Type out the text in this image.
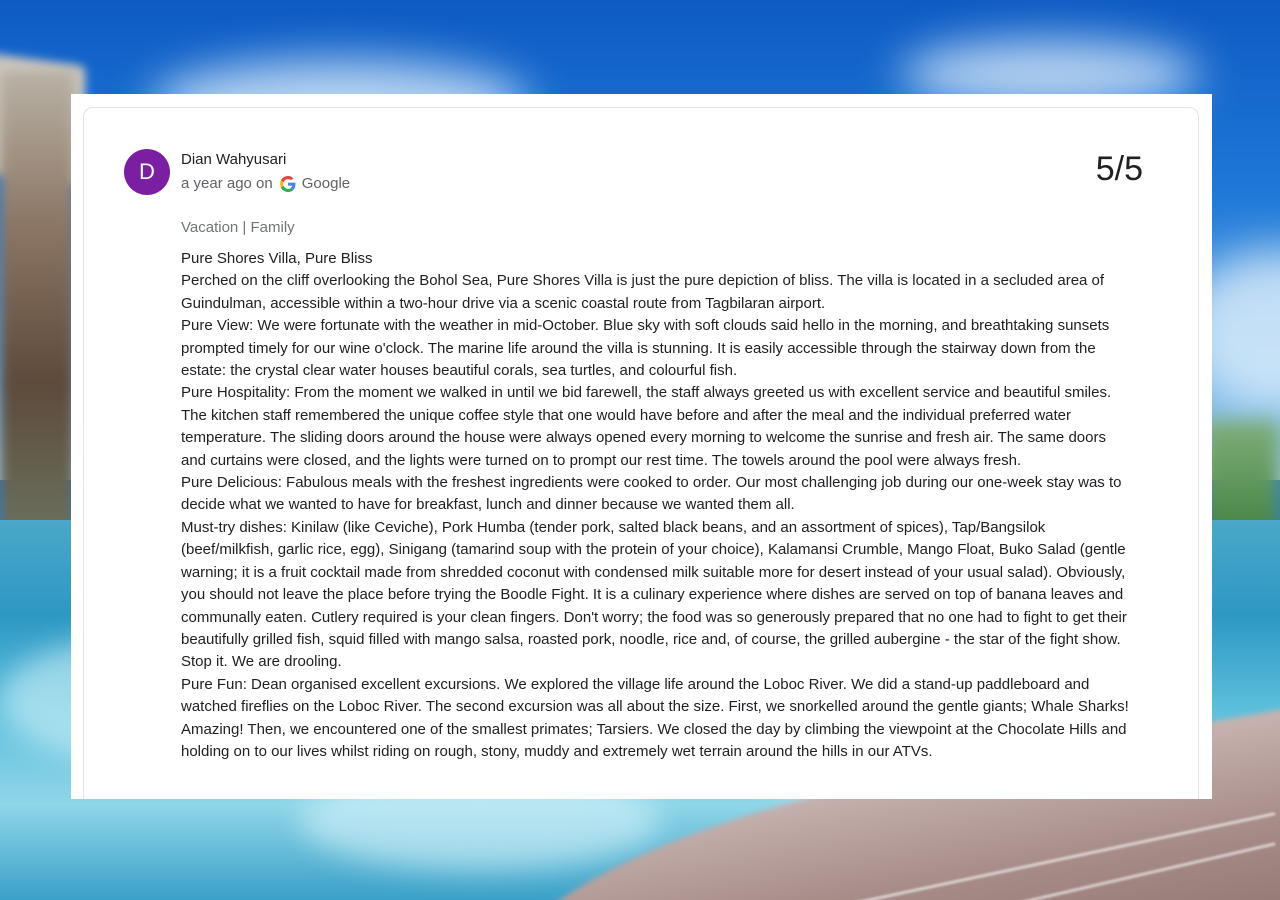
D	Dian Wahyusari
a year ago on Google	5/5
Vacation | Family

Pure Shores Villa, Pure Bliss

Perched on the cliff overlooking the Bohol Sea, Pure Shores Villa is just the pure depiction of bliss. The villa is located in a secluded area of Guindulman, accessible within a two-hour drive via a scenic coastal route from Tagbilaran airport.

Pure View: We were fortunate with the weather in mid-October. Blue sky with soft clouds said hello in the morning, and breathtaking sunsets prompted timely for our wine o'clock. The marine life around the villa is stunning. It is easily accessible through the stairway down from the estate: the crystal clear water houses beautiful corals, sea turtles, and colourful fish.

Pure Hospitality: From the moment we walked in until we bid farewell, the staff always greeted us with excellent service and beautiful smiles. The kitchen staff remembered the unique coffee style that one would have before and after the meal and the individual preferred water temperature. The sliding doors around the house were always opened every morning to welcome the sunrise and fresh air. The same doors and curtains were closed, and the lights were turned on to prompt our rest time. The towels around the pool were always fresh.

Pure Delicious: Fabulous meals with the freshest ingredients were cooked to order. Our most challenging job during our one-week stay was to decide what we wanted to have for breakfast, lunch and dinner because we wanted them all.

Must-try dishes: Kinilaw (like Ceviche), Pork Humba (tender pork, salted black beans, and an assortment of spices), Tap/Bangsilok (beef/milkfish, garlic rice, egg), Sinigang (tamarind soup with the protein of your choice), Kalamansi Crumble, Mango Float, Buko Salad (gentle warning; it is a fruit cocktail made from shredded coconut with condensed milk suitable more for desert instead of your usual salad). Obviously, you should not leave the place before trying the Boodle Fight. It is a culinary experience where dishes are served on top of banana leaves and communally eaten. Cutlery required is your clean fingers. Don't worry; the food was so generously prepared that no one had to fight to get their beautifully grilled fish, squid filled with mango salsa, roasted pork, noodle, rice and, of course, the grilled aubergine - the star of the fight show. Stop it. We are drooling.

Pure Fun: Dean organised excellent excursions. We explored the village life around the Loboc River. We did a stand-up paddleboard and watched fireflies on the Loboc River. The second excursion was all about the size. First, we snorkelled around the gentle giants; Whale Sharks! Amazing! Then, we encountered one of the smallest primates; Tarsiers. We closed the day by climbing the viewpoint at the Chocolate Hills and holding on to our lives whilst riding on rough, stony, muddy and extremely wet terrain around the hills in our ATVs.
